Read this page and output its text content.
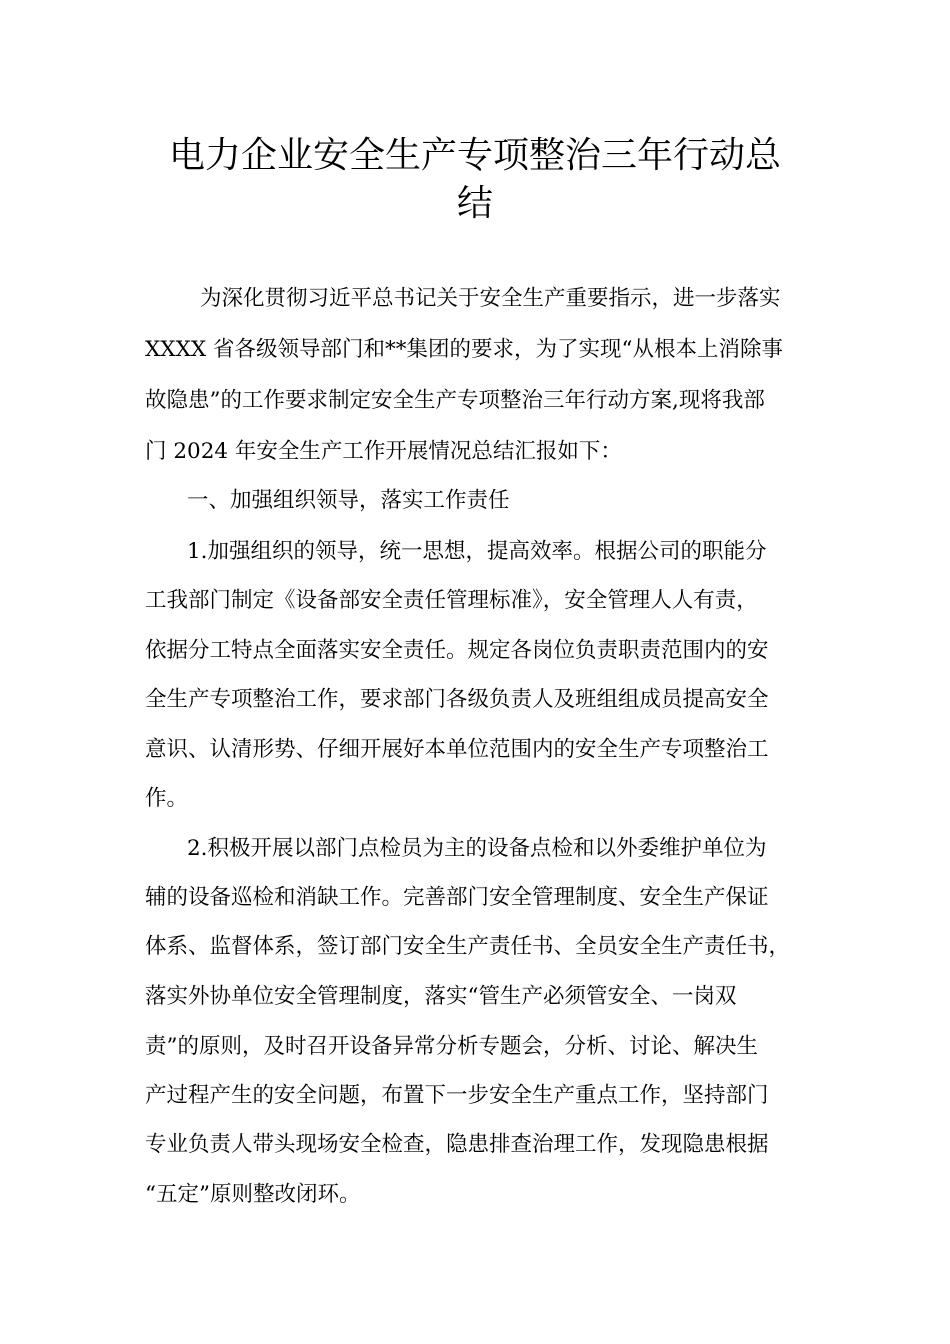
电力企业安全生产专项整治三年行动总
结

为深化贯彻习近平总书记关于安全生产重要指示，进一步落实

XXXX 省各级领导部门和**集团的要求，为了实现“从根本上消除事

故隐患”的工作要求制定安全生产专项整治三年行动方案,现将我部

门 2024 年安全生产工作开展情况总结汇报如下：

一、加强组织领导，落实工作责任

1.加强组织的领导，统一思想，提高效率。根据公司的职能分

工我部门制定《设备部安全责任管理标准》，安全管理人人有责，

依据分工特点全面落实安全责任。规定各岗位负责职责范围内的安

全生产专项整治工作，要求部门各级负责人及班组组成员提高安全

意识、认清形势、仔细开展好本单位范围内的安全生产专项整治工

作。

2.积极开展以部门点检员为主的设备点检和以外委维护单位为

辅的设备巡检和消缺工作。完善部门安全管理制度、安全生产保证

体系、监督体系，签订部门安全生产责任书、全员安全生产责任书，

落实外协单位安全管理制度，落实“管生产必须管安全、一岗双

责”的原则，及时召开设备异常分析专题会，分析、讨论、解决生

产过程产生的安全问题，布置下一步安全生产重点工作，坚持部门

专业负责人带头现场安全检查，隐患排查治理工作，发现隐患根据

“五定”原则整改闭环。
